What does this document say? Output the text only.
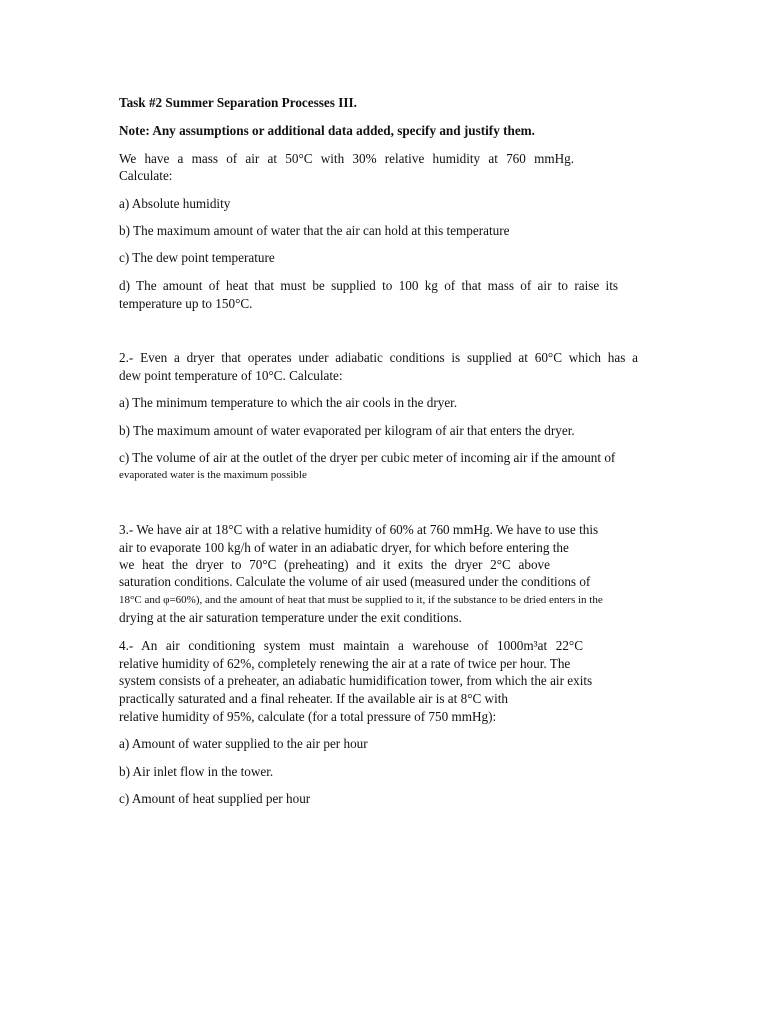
Task #2 Summer Separation Processes III.

Note: Any assumptions or additional data added, specify and justify them.

We have a mass of air at 50°C with 30% relative humidity at 760 mmHg.

Calculate:

a) Absolute humidity

b) The maximum amount of water that the air can hold at this temperature

c) The dew point temperature

d) The amount of heat that must be supplied to 100 kg of that mass of air to raise its

temperature up to 150°C.

2.- Even a dryer that operates under adiabatic conditions is supplied at 60°C which has a

dew point temperature of 10°C. Calculate:

a) The minimum temperature to which the air cools in the dryer.

b) The maximum amount of water evaporated per kilogram of air that enters the dryer.

c) The volume of air at the outlet of the dryer per cubic meter of incoming air if the amount of

evaporated water is the maximum possible

3.- We have air at 18°C with a relative humidity of 60% at 760 mmHg. We have to use this

air to evaporate 100 kg/h of water in an adiabatic dryer, for which before entering the

we heat the dryer to 70°C (preheating) and it exits the dryer 2°C above

saturation conditions. Calculate the volume of air used (measured under the conditions of

18°C and φ=60%), and the amount of heat that must be supplied to it, if the substance to be dried enters in the

drying at the air saturation temperature under the exit conditions.

4.- An air conditioning system must maintain a warehouse of 1000m³at 22°C

relative humidity of 62%, completely renewing the air at a rate of twice per hour. The

system consists of a preheater, an adiabatic humidification tower, from which the air exits

practically saturated and a final reheater. If the available air is at 8°C with

relative humidity of 95%, calculate (for a total pressure of 750 mmHg):

a) Amount of water supplied to the air per hour

b) Air inlet flow in the tower.

c) Amount of heat supplied per hour
